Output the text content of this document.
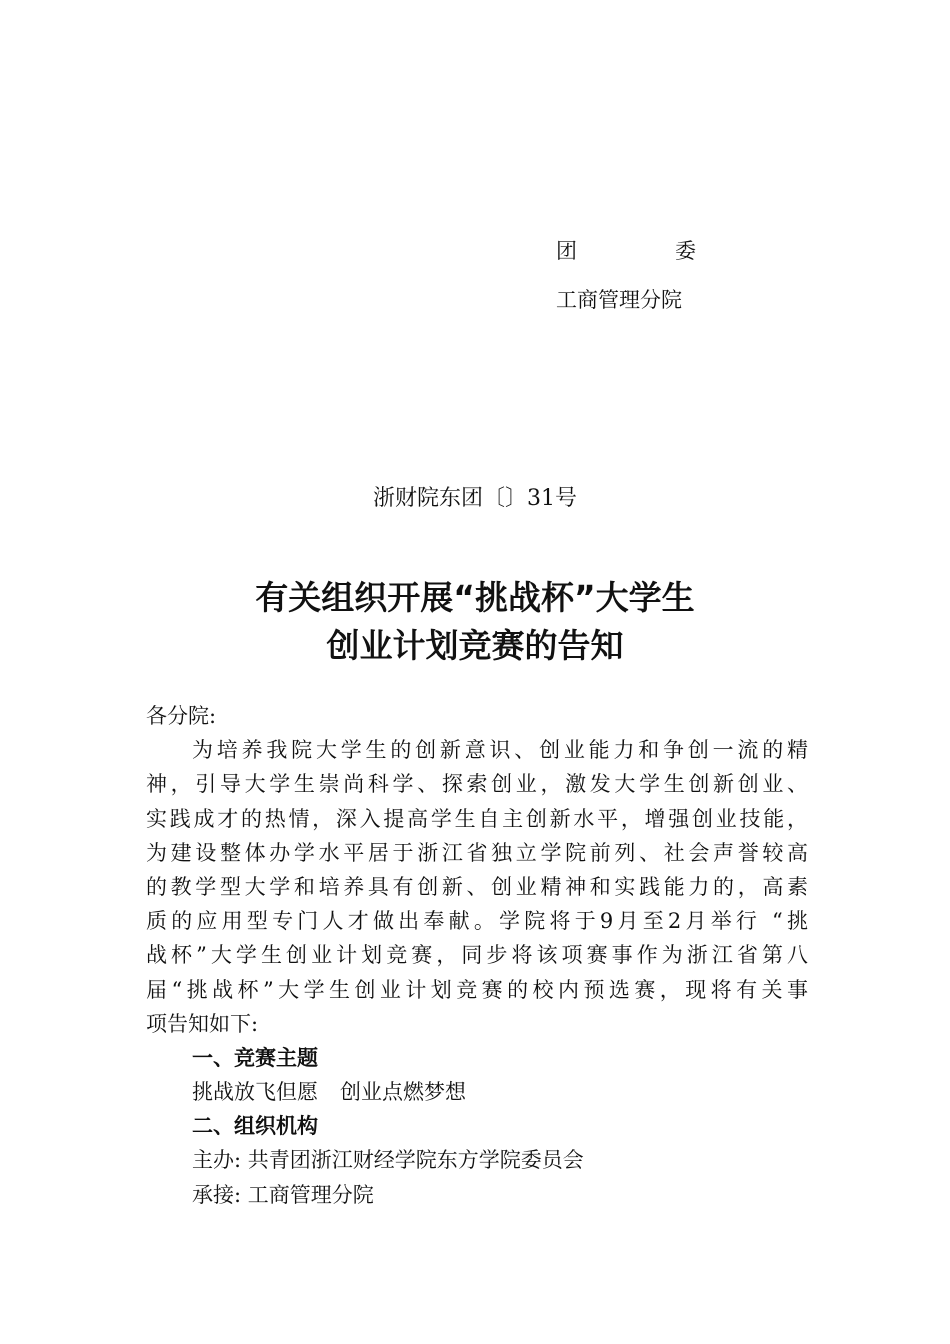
团	委
工商管理分院
浙财院东团〔〕31号
有关组织开展“挑战杯”大学生
创业计划竞赛的告知
各分院:
为培养我院大学生的创新意识、创业能力和争创一流的精
神，引导大学生崇尚科学、探索创业，激发大学生创新创业、
实践成才的热情，深入提高学生自主创新水平，增强创业技能，
为建设整体办学水平居于浙江省独立学院前列、社会声誉较高
的教学型大学和培养具有创新、创业精神和实践能力的，高素
质的应用型专门人才做出奉献。学院将于9月至2月举行 “挑
战杯”大学生创业计划竞赛，同步将该项赛事作为浙江省第八
届“挑战杯”大学生创业计划竞赛的校内预选赛，现将有关事
项告知如下:
一、竞赛主题
挑战放飞但愿 创业点燃梦想
二、组织机构
主办: 共青团浙江财经学院东方学院委员会
承接: 工商管理分院
